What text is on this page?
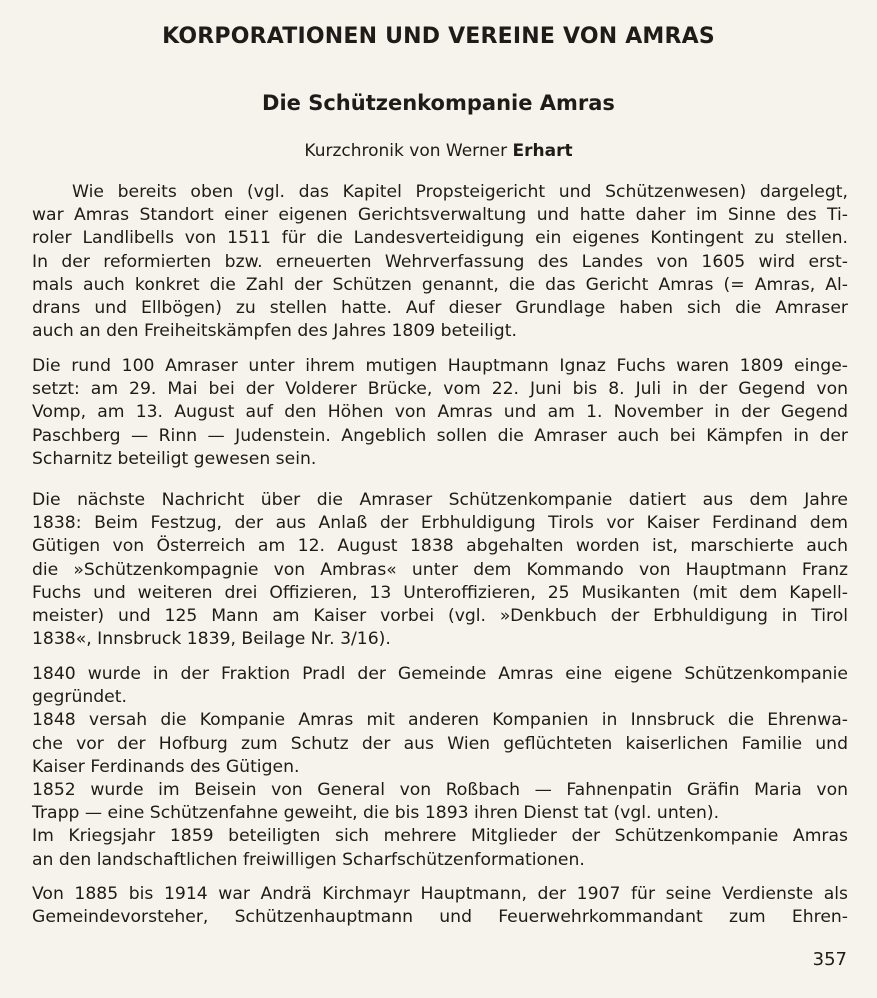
KORPORATIONEN UND VEREINE VON AMRAS
Die Schützenkompanie Amras
Kurzchronik von Werner Erhart
Wie bereits oben (vgl. das Kapitel Propsteigericht und Schützenwesen) dargelegt,
war Amras Standort einer eigenen Gerichtsverwaltung und hatte daher im Sinne des Ti-
roler Landlibells von 1511 für die Landesverteidigung ein eigenes Kontingent zu stellen.
In der reformierten bzw. erneuerten Wehrverfassung des Landes von 1605 wird erst-
mals auch konkret die Zahl der Schützen genannt, die das Gericht Amras (= Amras, Al-
drans und Ellbögen) zu stellen hatte. Auf dieser Grundlage haben sich die Amraser
auch an den Freiheitskämpfen des Jahres 1809 beteiligt.
Die rund 100 Amraser unter ihrem mutigen Hauptmann Ignaz Fuchs waren 1809 einge-
setzt: am 29. Mai bei der Volderer Brücke, vom 22. Juni bis 8. Juli in der Gegend von
Vomp, am 13. August auf den Höhen von Amras und am 1. November in der Gegend
Paschberg — Rinn — Judenstein. Angeblich sollen die Amraser auch bei Kämpfen in der
Scharnitz beteiligt gewesen sein.
Die nächste Nachricht über die Amraser Schützenkompanie datiert aus dem Jahre
1838: Beim Festzug, der aus Anlaß der Erbhuldigung Tirols vor Kaiser Ferdinand dem
Gütigen von Österreich am 12. August 1838 abgehalten worden ist, marschierte auch
die »Schützenkompagnie von Ambras« unter dem Kommando von Hauptmann Franz
Fuchs und weiteren drei Offizieren, 13 Unteroffizieren, 25 Musikanten (mit dem Kapell-
meister) und 125 Mann am Kaiser vorbei (vgl. »Denkbuch der Erbhuldigung in Tirol
1838«, Innsbruck 1839, Beilage Nr. 3/16).
1840 wurde in der Fraktion Pradl der Gemeinde Amras eine eigene Schützenkompanie
gegründet.
1848 versah die Kompanie Amras mit anderen Kompanien in Innsbruck die Ehrenwa-
che vor der Hofburg zum Schutz der aus Wien geflüchteten kaiserlichen Familie und
Kaiser Ferdinands des Gütigen.
1852 wurde im Beisein von General von Roßbach — Fahnenpatin Gräfin Maria von
Trapp — eine Schützenfahne geweiht, die bis 1893 ihren Dienst tat (vgl. unten).
Im Kriegsjahr 1859 beteiligten sich mehrere Mitglieder der Schützenkompanie Amras
an den landschaftlichen freiwilligen Scharfschützenformationen.
Von 1885 bis 1914 war Andrä Kirchmayr Hauptmann, der 1907 für seine Verdienste als
Gemeindevorsteher, Schützenhauptmann und Feuerwehrkommandant zum Ehren-
357
